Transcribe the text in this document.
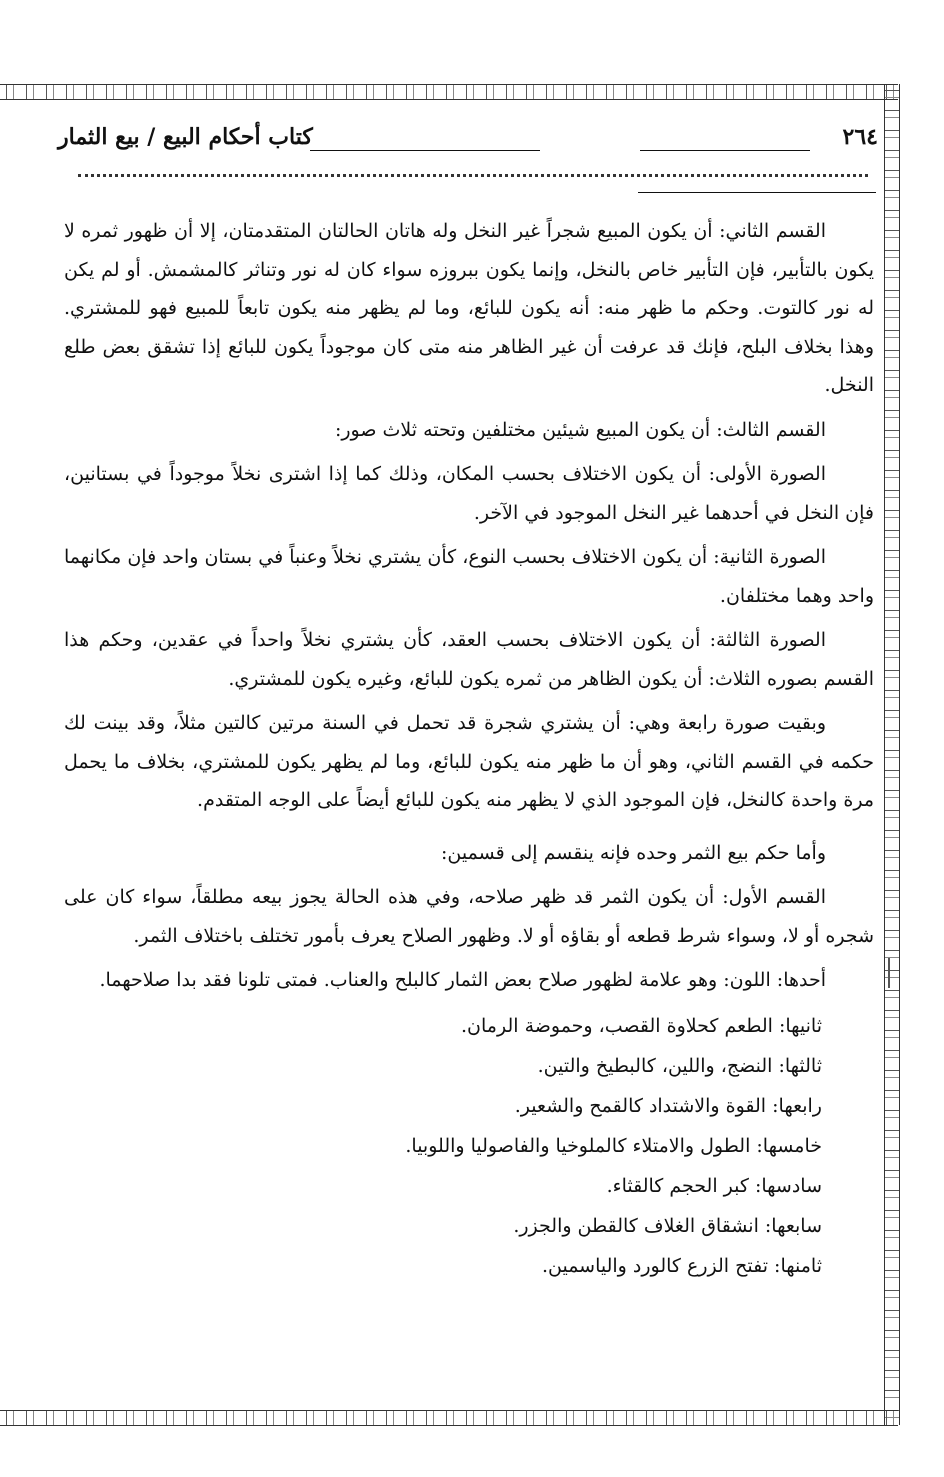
٢٦٤
كتاب أحكام البيع / بيع الثمار

القسم الثاني: أن يكون المبيع شجراً غير النخل وله هاتان الحالتان المتقدمتان، إلا أن ظهور ثمره لا يكون بالتأبير، فإن التأبير خاص بالنخل، وإنما يكون ببروزه سواء كان له نور وتناثر كالمشمش. أو لم يكن له نور كالتوت. وحكم ما ظهر منه: أنه يكون للبائع، وما لم يظهر منه يكون تابعاً للمبيع فهو للمشتري. وهذا بخلاف البلح، فإنك قد عرفت أن غير الظاهر منه متى كان موجوداً يكون للبائع إذا تشقق بعض طلع النخل.

القسم الثالث: أن يكون المبيع شيئين مختلفين وتحته ثلاث صور:

الصورة الأولى: أن يكون الاختلاف بحسب المكان، وذلك كما إذا اشترى نخلاً موجوداً في بستانين، فإن النخل في أحدهما غير النخل الموجود في الآخر.

الصورة الثانية: أن يكون الاختلاف بحسب النوع، كأن يشتري نخلاً وعنباً في بستان واحد فإن مكانهما واحد وهما مختلفان.

الصورة الثالثة: أن يكون الاختلاف بحسب العقد، كأن يشتري نخلاً واحداً في عقدين، وحكم هذا القسم بصوره الثلاث: أن يكون الظاهر من ثمره يكون للبائع، وغيره يكون للمشتري.

وبقيت صورة رابعة وهي: أن يشتري شجرة قد تحمل في السنة مرتين كالتين مثلاً، وقد بينت لك حكمه في القسم الثاني، وهو أن ما ظهر منه يكون للبائع، وما لم يظهر يكون للمشتري، بخلاف ما يحمل مرة واحدة كالنخل، فإن الموجود الذي لا يظهر منه يكون للبائع أيضاً على الوجه المتقدم.

وأما حكم بيع الثمر وحده فإنه ينقسم إلى قسمين:

القسم الأول: أن يكون الثمر قد ظهر صلاحه، وفي هذه الحالة يجوز بيعه مطلقاً، سواء كان على شجره أو لا، وسواء شرط قطعه أو بقاؤه أو لا. وظهور الصلاح يعرف بأمور تختلف باختلاف الثمر.

أحدها: اللون: وهو علامة لظهور صلاح بعض الثمار كالبلح والعناب. فمتى تلونا فقد بدا صلاحهما.

ثانيها: الطعم كحلاوة القصب، وحموضة الرمان.

ثالثها: النضج، واللين، كالبطيخ والتين.

رابعها: القوة والاشتداد كالقمح والشعير.

خامسها: الطول والامتلاء كالملوخيا والفاصوليا واللوبيا.

سادسها: كبر الحجم كالقثاء.

سابعها: انشقاق الغلاف كالقطن والجزر.

ثامنها: تفتح الزرع كالورد والياسمين.
